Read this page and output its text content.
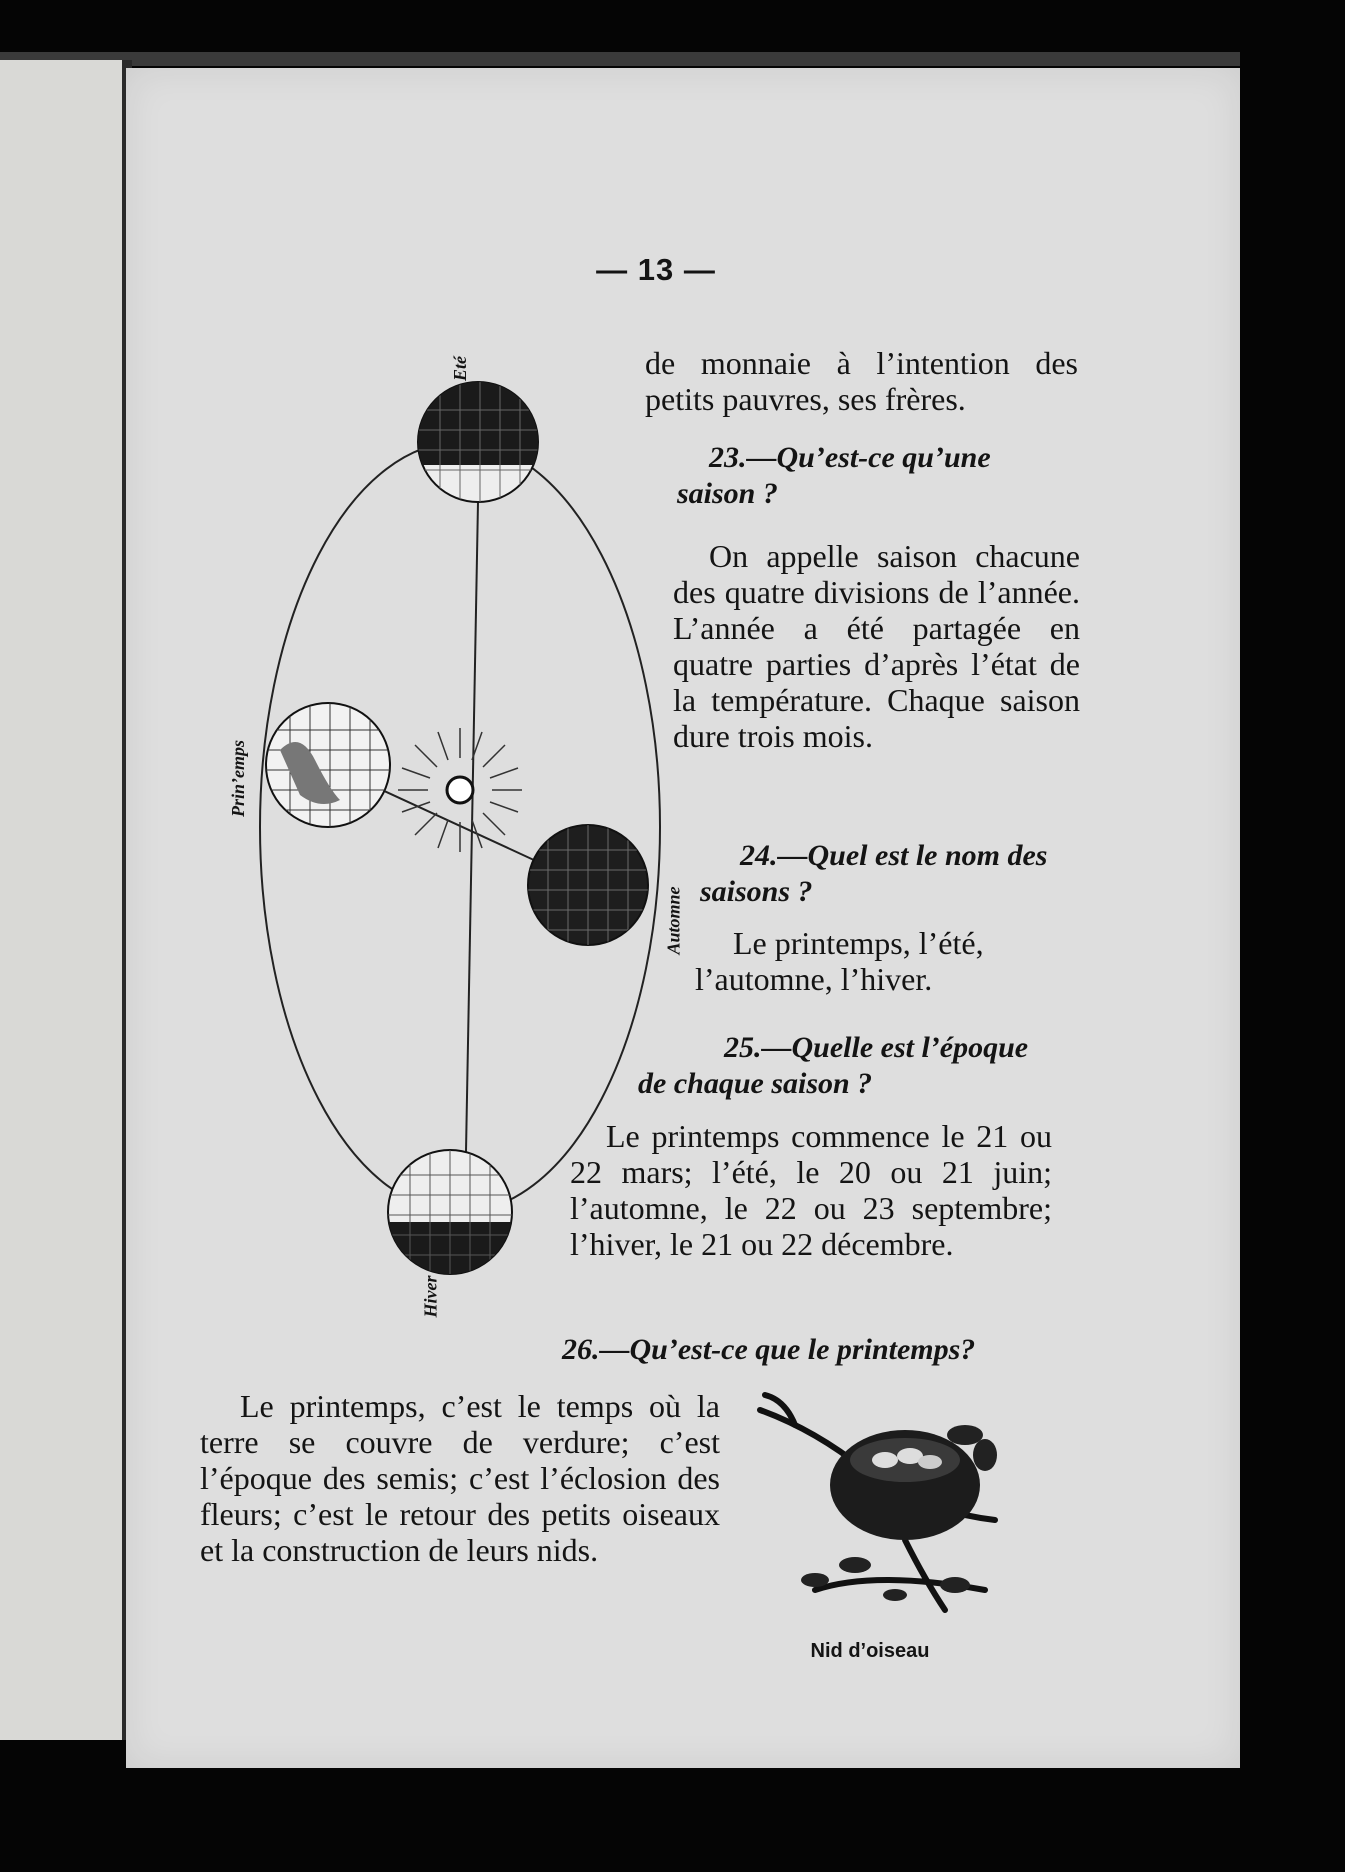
— 13 —

de monnaie à l’intention des petits pauvres, ses frères.

23.—Qu’est-ce qu’une saison ?

On appelle saison chacune des quatre divisions de l’année. L’année a été partagée en quatre parties d’après l’état de la température. Chaque saison dure trois mois.

24.—Quel est le nom des saisons ?

Le printemps, l’été, l’automne, l’hiver.

25.—Quelle est l’époque de chaque saison ?

Le printemps commence le 21 ou 22 mars; l’été, le 20 ou 21 juin; l’automne, le 22 ou 23 septembre; l’hiver, le 21 ou 22 décembre.

26.—Qu’est-ce que le printemps?

Le printemps, c’est le temps où la terre se couvre de verdure; c’est l’époque des semis; c’est l’éclosion des fleurs; c’est le retour des petits oiseaux et la construction de leurs nids.

Eté
Prin’emps
Automne
Hiver
Nid d’oiseau
